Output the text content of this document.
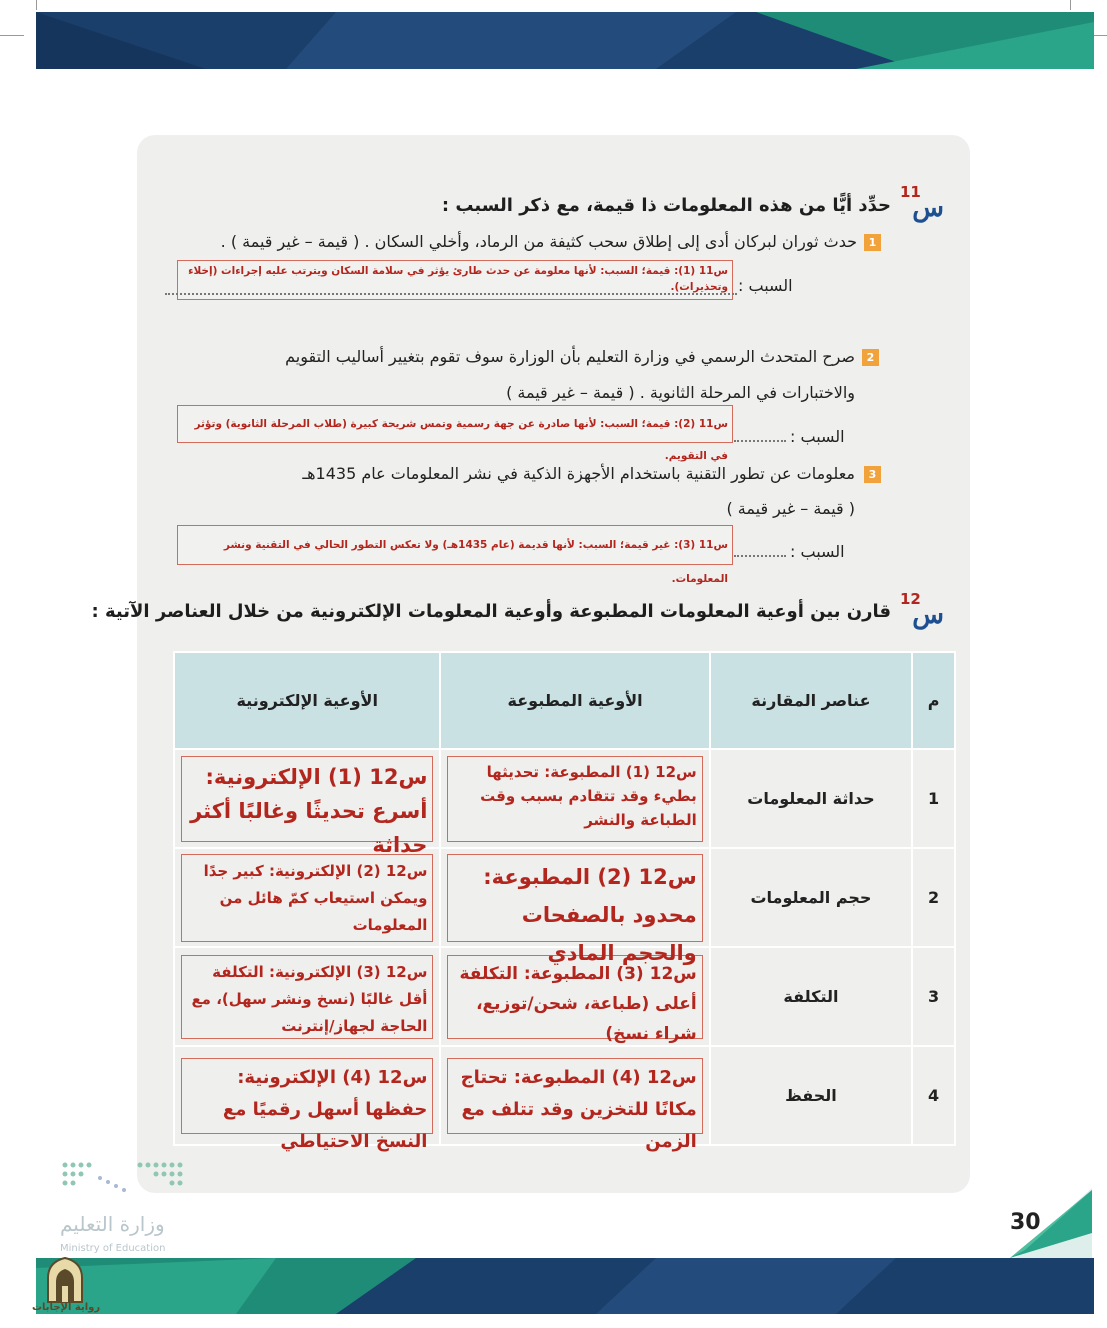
11
س
حدِّد أيًّا من هذه المعلومات ذا قيمة، مع ذكر السبب :
1
حدث ثوران لبركان أدى إلى إطلاق سحب كثيفة من الرماد، وأخلي السكان . ( قيمة – غير قيمة ) .
س11 (1): قيمة؛ السبب: لأنها معلومة عن حدث طارئ يؤثر في سلامة السكان ويترتب عليه إجراءات (إخلاء وتحذيرات). السبب :
2
صرح المتحدث الرسمي في وزارة التعليم بأن الوزارة سوف تقوم بتغيير أساليب التقويم
والاختبارات في المرحلة الثانوية . ( قيمة – غير قيمة )
س11 (2): قيمة؛ السبب: لأنها صادرة عن جهة رسمية وتمس شريحة كبيرة (طلاب المرحلة الثانوية) وتؤثر في التقويم.
السبب :
3
معلومات عن تطور التقنية باستخدام الأجهزة الذكية في نشر المعلومات عام 1435هـ
( قيمة – غير قيمة )
س11 (3): غير قيمة؛ السبب: لأنها قديمة (عام 1435هـ) ولا تعكس التطور الحالي في التقنية ونشر المعلومات.
السبب :
12
س
قارن بين أوعية المعلومات المطبوعة وأوعية المعلومات الإلكترونية من خلال العناصر الآتية :
م	عناصر المقارنة	الأوعية المطبوعة	الأوعية الإلكترونية
1	حداثة المعلومات	س12 (1) المطبوعة: تحديثها بطيء وقد تتقادم بسبب وقت الطباعة والنشر	س12 (1) الإلكترونية: أسرع تحديثًا وغالبًا أكثر حداثة

2	حجم المعلومات	س12 (2) المطبوعة: محدود بالصفحات والحجم المادي	س12 (2) الإلكترونية: كبير جدًا ويمكن استيعاب كمّ هائل من المعلومات

3	التكلفة	س12 (3) المطبوعة: التكلفة أعلى (طباعة، شحن/توزيع، شراء نسخ)	س12 (3) الإلكترونية: التكلفة أقل غالبًا (نسخ ونشر سهل)، مع الحاجة لجهاز/إنترنت

4	الحفظ	س12 (4) المطبوعة: تحتاج مكانًا للتخزين وقد تتلف مع الزمن	س12 (4) الإلكترونية: حفظها أسهل رقميًا مع النسخ الاحتياطي
وزارة التعليم
Ministry of Education
30
رواية الإجابات
